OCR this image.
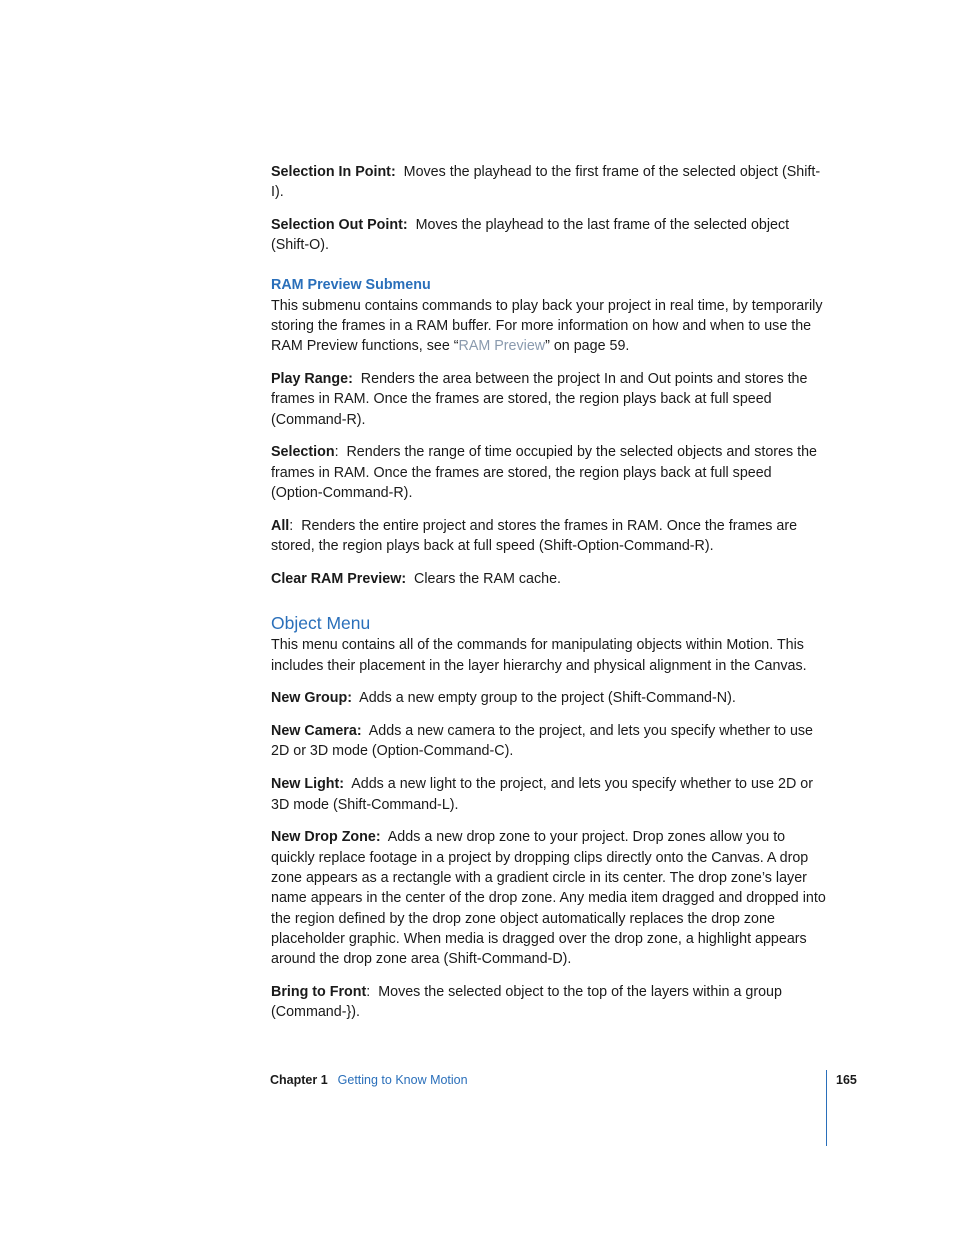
Selection In Point: Moves the playhead to the first frame of the selected object (Shift-I).

Selection Out Point: Moves the playhead to the last frame of the selected object (Shift-O).

RAM Preview Submenu

This submenu contains commands to play back your project in real time, by temporarily storing the frames in a RAM buffer. For more information on how and when to use the RAM Preview functions, see “RAM Preview” on page 59.

Play Range: Renders the area between the project In and Out points and stores the frames in RAM. Once the frames are stored, the region plays back at full speed (Command-R).

Selection:  Renders the range of time occupied by the selected objects and stores the frames in RAM. Once the frames are stored, the region plays back at full speed (Option-Command-R).

All:  Renders the entire project and stores the frames in RAM. Once the frames are stored, the region plays back at full speed (Shift-Option-Command-R).

Clear RAM Preview: Clears the RAM cache.

Object Menu

This menu contains all of the commands for manipulating objects within Motion. This includes their placement in the layer hierarchy and physical alignment in the Canvas.

New Group: Adds a new empty group to the project (Shift-Command-N).

New Camera: Adds a new camera to the project, and lets you specify whether to use 2D or 3D mode (Option-Command-C).

New Light: Adds a new light to the project, and lets you specify whether to use 2D or 3D mode (Shift-Command-L).

New Drop Zone: Adds a new drop zone to your project. Drop zones allow you to quickly replace footage in a project by dropping clips directly onto the Canvas. A drop zone appears as a rectangle with a gradient circle in its center. The drop zone’s layer name appears in the center of the drop zone. Any media item dragged and dropped into the region defined by the drop zone object automatically replaces the drop zone placeholder graphic. When media is dragged over the drop zone, a highlight appears around the drop zone area (Shift-Command-D).

Bring to Front:  Moves the selected object to the top of the layers within a group (Command-}).

Chapter 1 Getting to Know Motion	165
